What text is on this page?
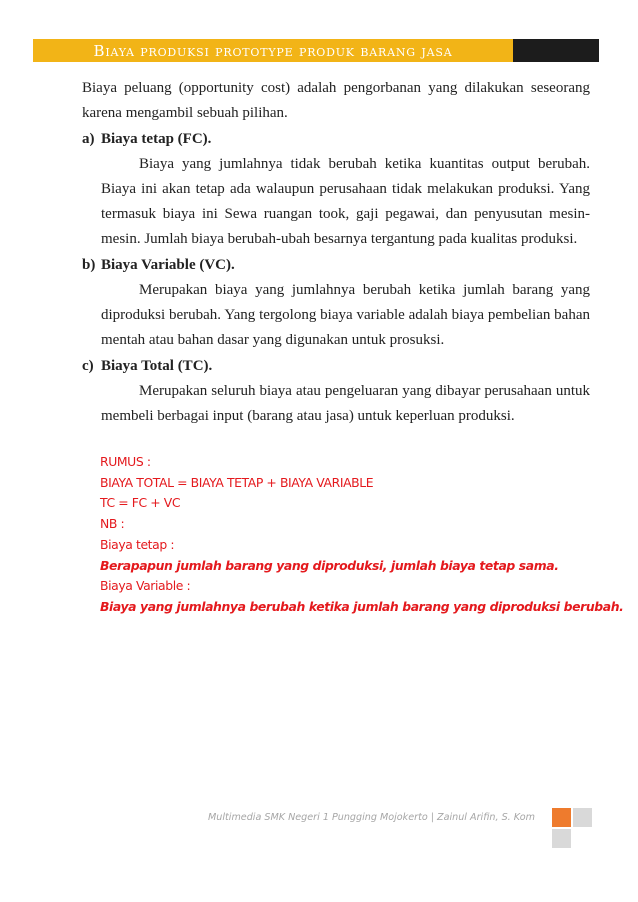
Biaya produksi prototype produk barang jasa

Biaya peluang (opportunity cost) adalah pengorbanan yang dilakukan seseorang karena mengambil sebuah pilihan.

a) Biaya tetap (FC).

Biaya yang jumlahnya tidak berubah ketika kuantitas output berubah. Biaya ini akan tetap ada walaupun perusahaan tidak melakukan produksi. Yang termasuk biaya ini Sewa ruangan took, gaji pegawai, dan penyusutan mesin-mesin. Jumlah biaya berubah-ubah besarnya tergantung pada kualitas produksi.

b) Biaya Variable (VC).

Merupakan biaya yang jumlahnya berubah ketika jumlah barang yang diproduksi berubah. Yang tergolong biaya variable adalah biaya pembelian bahan mentah atau bahan dasar yang digunakan untuk prosuksi.

c) Biaya Total (TC).

Merupakan seluruh biaya atau pengeluaran yang dibayar perusahaan untuk membeli berbagai input (barang atau jasa) untuk keperluan produksi.

RUMUS :
BIAYA TOTAL = BIAYA TETAP + BIAYA VARIABLE
TC = FC + VC
NB :
Biaya tetap :
Berapapun jumlah barang yang diproduksi, jumlah biaya tetap sama.
Biaya Variable :
Biaya yang jumlahnya berubah ketika jumlah barang yang diproduksi berubah.
Multimedia SMK Negeri 1 Pungging Mojokerto | Zainul Arifin, S. Kom
